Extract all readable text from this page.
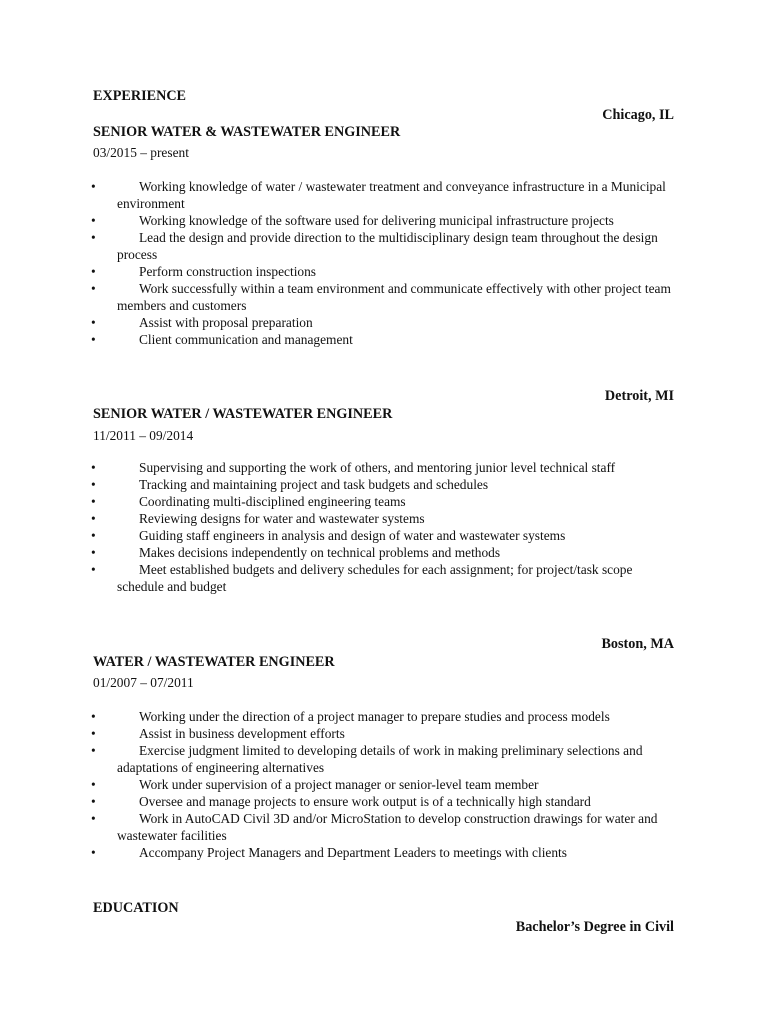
EXPERIENCE
Chicago, IL
SENIOR WATER & WASTEWATER ENGINEER
03/2015 – present
•	Working knowledge of water / wastewater treatment and conveyance infrastructure in a Municipal environment
•	Working knowledge of the software used for delivering municipal infrastructure projects
•	Lead the design and provide direction to the multidisciplinary design team throughout the design process
•	Perform construction inspections
•	Work successfully within a team environment and communicate effectively with other project team members and customers
•	Assist with proposal preparation
•	Client communication and management
Detroit, MI
SENIOR WATER / WASTEWATER ENGINEER
11/2011 – 09/2014
•	Supervising and supporting the work of others, and mentoring junior level technical staff
•	Tracking and maintaining project and task budgets and schedules
•	Coordinating multi-disciplined engineering teams
•	Reviewing designs for water and wastewater systems
•	Guiding staff engineers in analysis and design of water and wastewater systems
•	Makes decisions independently on technical problems and methods
•	Meet established budgets and delivery schedules for each assignment; for project/task scope schedule and budget
Boston, MA
WATER / WASTEWATER ENGINEER
01/2007 – 07/2011
•	Working under the direction of a project manager to prepare studies and process models
•	Assist in business development efforts
•	Exercise judgment limited to developing details of work in making preliminary selections and adaptations of engineering alternatives
•	Work under supervision of a project manager or senior-level team member
•	Oversee and manage projects to ensure work output is of a technically high standard
•	Work in AutoCAD Civil 3D and/or MicroStation to develop construction drawings for water and wastewater facilities
•	Accompany Project Managers and Department Leaders to meetings with clients
EDUCATION
Bachelor’s Degree in Civil
